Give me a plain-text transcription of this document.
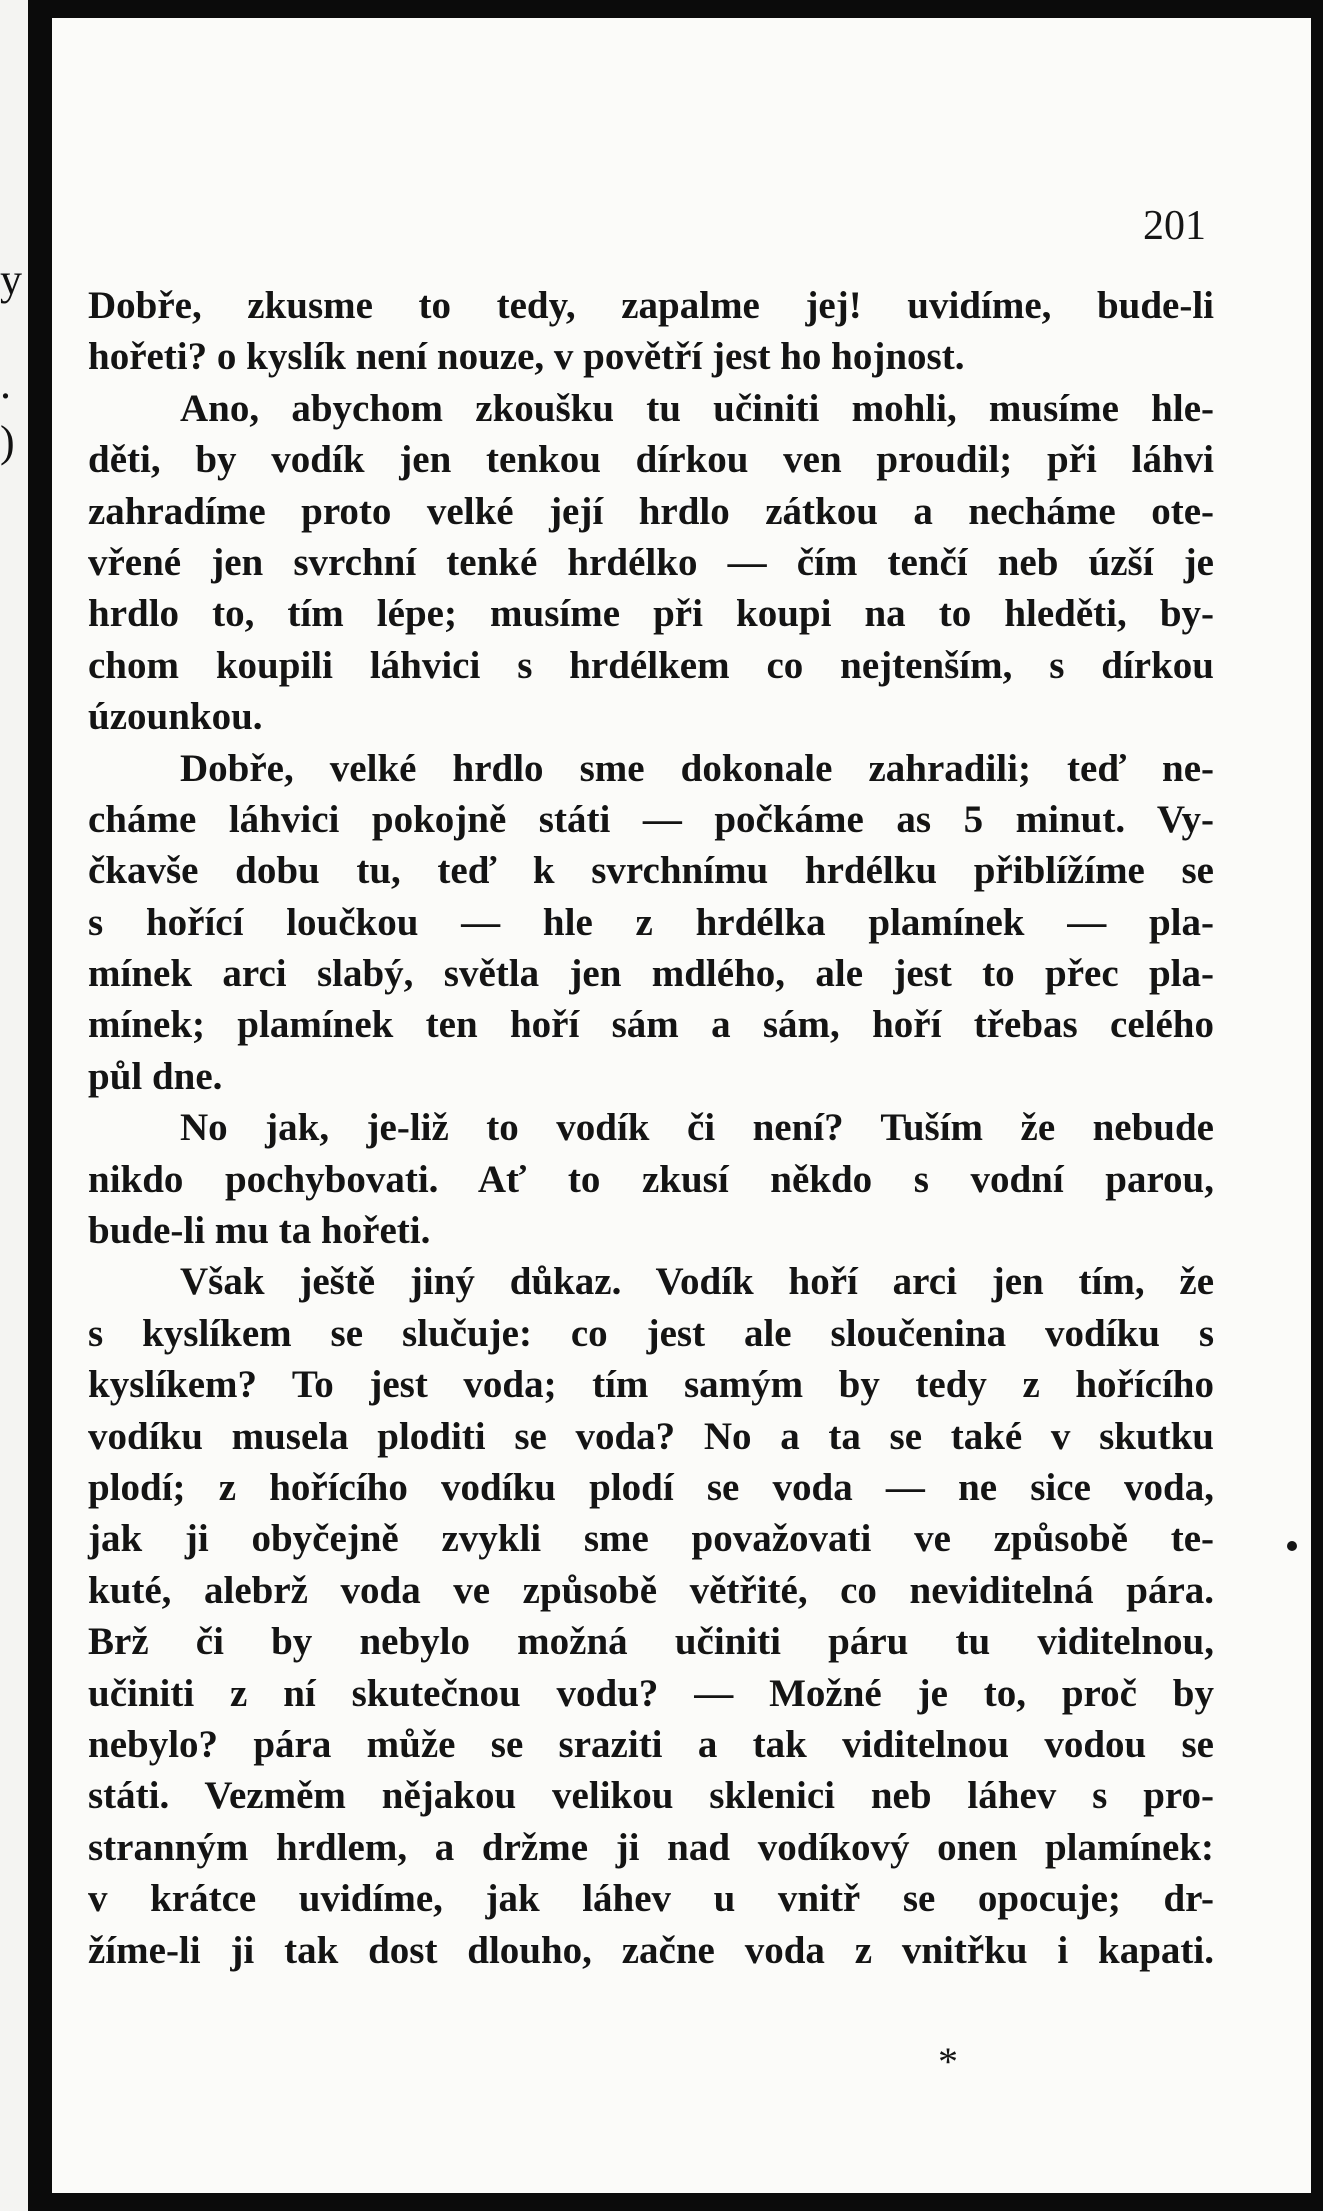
y
.
)
201
Dobře, zkusme to tedy, zapalme jej! uvidíme, bude-li
hořeti? o kyslík není nouze, v povětří jest ho hojnost.
Ano, abychom zkoušku tu učiniti mohli, musíme hle-
děti, by vodík jen tenkou dírkou ven proudil; při láhvi
zahradíme proto velké její hrdlo zátkou a necháme ote-
vřené jen svrchní tenké hrdélko — čím tenčí neb úzší je
hrdlo to, tím lépe; musíme při koupi na to hleděti, by-
chom koupili láhvici s hrdélkem co nejtenším, s dírkou
úzounkou.
Dobře, velké hrdlo sme dokonale zahradili; teď ne-
cháme láhvici pokojně státi — počkáme as 5 minut. Vy-
čkavše dobu tu, teď k svrchnímu hrdélku přiblížíme se
s hořící loučkou — hle z hrdélka plamínek — pla-
mínek arci slabý, světla jen mdlého, ale jest to přec pla-
mínek; plamínek ten hoří sám a sám, hoří třebas celého
půl dne.
No jak, je-liž to vodík či není? Tuším že nebude
nikdo pochybovati. Ať to zkusí někdo s vodní parou,
bude-li mu ta hořeti.
Však ještě jiný důkaz. Vodík hoří arci jen tím, že
s kyslíkem se slučuje: co jest ale sloučenina vodíku s
kyslíkem? To jest voda; tím samým by tedy z hořícího
vodíku musela ploditi se voda? No a ta se také v skutku
plodí; z hořícího vodíku plodí se voda — ne sice voda,
jak ji obyčejně zvykli sme považovati ve způsobě te-
kuté, alebrž voda ve způsobě větřité, co neviditelná pára.
Brž či by nebylo možná učiniti páru tu viditelnou,
učiniti z ní skutečnou vodu? — Možné je to, proč by
nebylo? pára může se sraziti a tak viditelnou vodou se
státi. Vezměm nějakou velikou sklenici neb láhev s pro-
stranným hrdlem, a držme ji nad vodíkový onen plamínek:
v krátce uvidíme, jak láhev u vnitř se opocuje; dr-
žíme-li ji tak dost dlouho, začne voda z vnitřku i kapati.
*
